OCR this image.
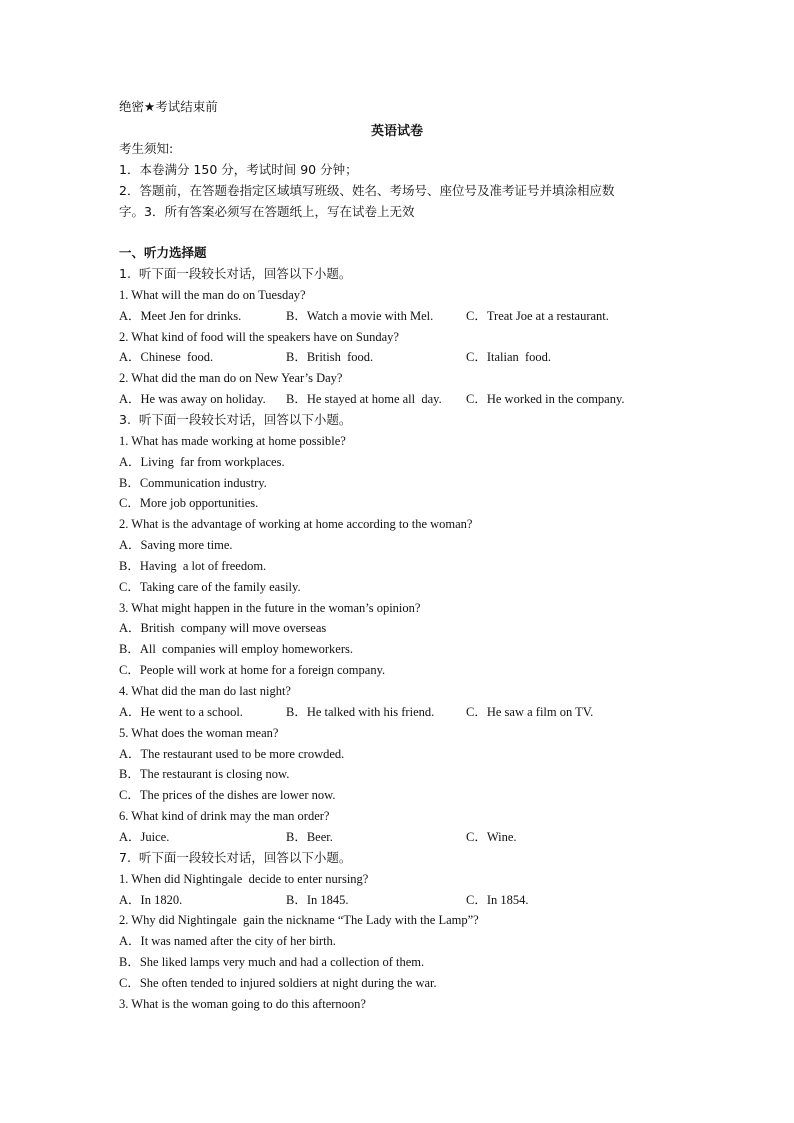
绝密★考试结束前
英语试卷
考生须知:
1．本卷满分 150 分，考试时间 90 分钟；
2．答题前，在答题卷指定区域填写班级、姓名、考场号、座位号及准考证号并填涂相应数
字。3．所有答案必须写在答题纸上，写在试卷上无效
一、听力选择题
1.  听下面一段较长对话，回答以下小题。
1. What will the man do on Tuesday?
A．Meet Jen for drinks.	B．Watch a movie with Mel.	C．Treat Joe at a restaurant.
2. What kind of food will the speakers have on Sunday?
A．Chinese  food.	B．British  food.	C．Italian  food.
2. What did the man do on New Year’s Day?
A．He was away on holiday. B．He stayed at home all  day. C．He worked in the company.
3.  听下面一段较长对话，回答以下小题。
1. What has made working at home possible?
A．Living  far from workplaces.
B．Communication industry.
C．More job opportunities.
2. What is the advantage of working at home according to the woman?
A．Saving more time.
B．Having  a lot of freedom.
C．Taking care of the family easily.
3. What might happen in the future in the woman’s opinion?
A．British  company will move overseas
B．All  companies will employ homeworkers.
C．People will work at home for a foreign company.
4. What did the man do last night?
A．He went to a school.	B．He talked with his friend.	C．He saw a film on TV.
5. What does the woman mean?
A．The restaurant used to be more crowded.
B．The restaurant is closing now.
C．The prices of the dishes are lower now.
6. What kind of drink may the man order?
A．Juice.	B．Beer.	C．Wine.
7.  听下面一段较长对话，回答以下小题。
1. When did Nightingale  decide to enter nursing?
A．In 1820.	B．In 1845.	C．In 1854.
2. Why did Nightingale  gain the nickname “The Lady with the Lamp”?
A．It was named after the city of her birth.
B．She liked lamps very much and had a collection of them.
C．She often tended to injured soldiers at night during the war.
3. What is the woman going to do this afternoon?
